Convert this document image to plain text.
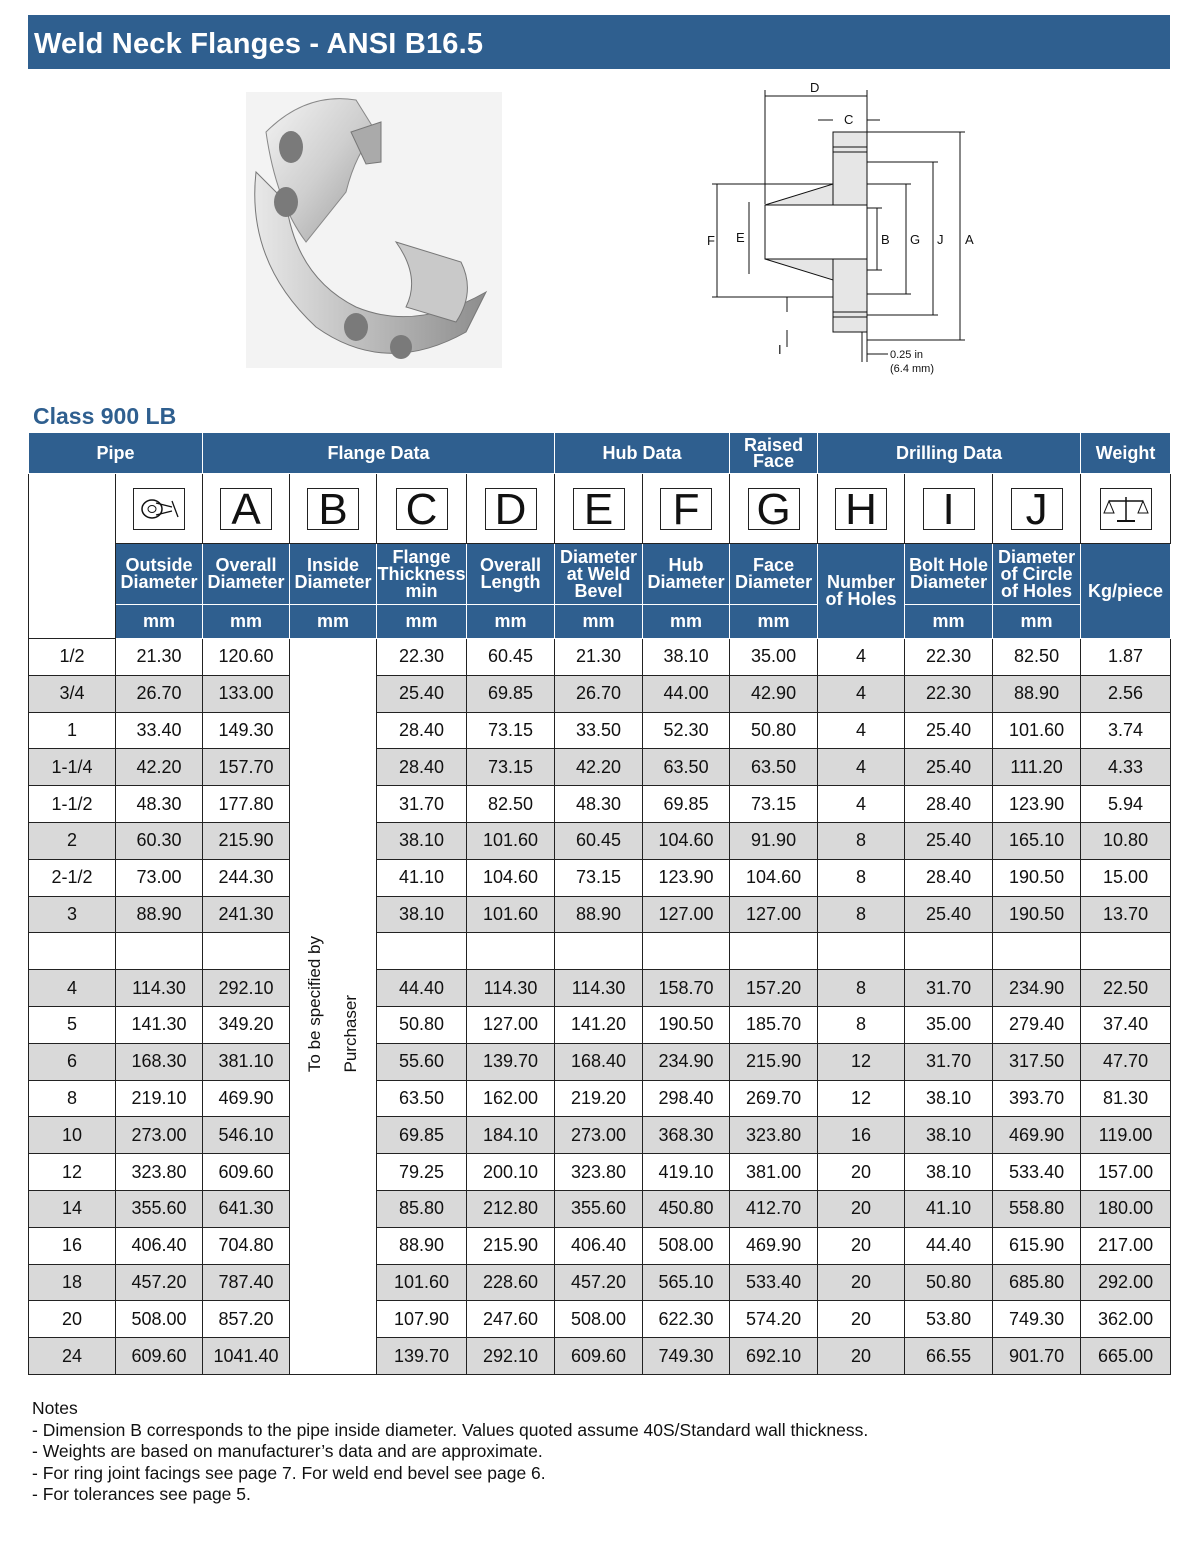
Weld Neck Flanges - ANSI B16.5
D
C
F E	B G J A
I	0.25 in
(6.4 mm)
Class 900 LB
Pipe		Flange Data				Hub Data		Raised Face	Drilling Data			Weight
Nominal Pipe Size		A	B	C	D	E	F	G	H	I	J	
	Outside Diameter	Overall Diameter	Inside Diameter	Flange Thickness min	Overall Length	Diameter at Weld Bevel	Hub Diameter	Face Diameter	Number of Holes	Bolt Hole Diameter	Diameter of Circle of Holes	Kg/piece
	mm	mm	mm	mm	mm	mm	mm	mm		mm	mm	
1/2	21.30	120.60	To be specified by Purchaser	22.30	60.45	21.30	38.10	35.00	4	22.30	82.50	1.87
3/4	26.70	133.00		25.40	69.85	26.70	44.00	42.90	4	22.30	88.90	2.56
1	33.40	149.30		28.40	73.15	33.50	52.30	50.80	4	25.40	101.60	3.74
1-1/4	42.20	157.70		28.40	73.15	42.20	63.50	63.50	4	25.40	111.20	4.33
1-1/2	48.30	177.80		31.70	82.50	48.30	69.85	73.15	4	28.40	123.90	5.94
2	60.30	215.90		38.10	101.60	60.45	104.60	91.90	8	25.40	165.10	10.80
2-1/2	73.00	244.30		41.10	104.60	73.15	123.90	104.60	8	28.40	190.50	15.00
3	88.90	241.30		38.10	101.60	88.90	127.00	127.00	8	25.40	190.50	13.70

4	114.30	292.10		44.40	114.30	114.30	158.70	157.20	8	31.70	234.90	22.50
5	141.30	349.20		50.80	127.00	141.20	190.50	185.70	8	35.00	279.40	37.40
6	168.30	381.10		55.60	139.70	168.40	234.90	215.90	12	31.70	317.50	47.70
8	219.10	469.90		63.50	162.00	219.20	298.40	269.70	12	38.10	393.70	81.30
10	273.00	546.10		69.85	184.10	273.00	368.30	323.80	16	38.10	469.90	119.00
12	323.80	609.60		79.25	200.10	323.80	419.10	381.00	20	38.10	533.40	157.00
14	355.60	641.30		85.80	212.80	355.60	450.80	412.70	20	41.10	558.80	180.00
16	406.40	704.80		88.90	215.90	406.40	508.00	469.90	20	44.40	615.90	217.00
18	457.20	787.40		101.60	228.60	457.20	565.10	533.40	20	50.80	685.80	292.00
20	508.00	857.20		107.90	247.60	508.00	622.30	574.20	20	53.80	749.30	362.00
24	609.60	1041.40		139.70	292.10	609.60	749.30	692.10	20	66.55	901.70	665.00
Notes
- Dimension B corresponds to the pipe inside diameter. Values quoted assume 40S/Standard wall thickness.
- Weights are based on manufacturer’s data and are approximate.
- For ring joint facings see page 7. For weld end bevel see page 6.
- For tolerances see page 5.
